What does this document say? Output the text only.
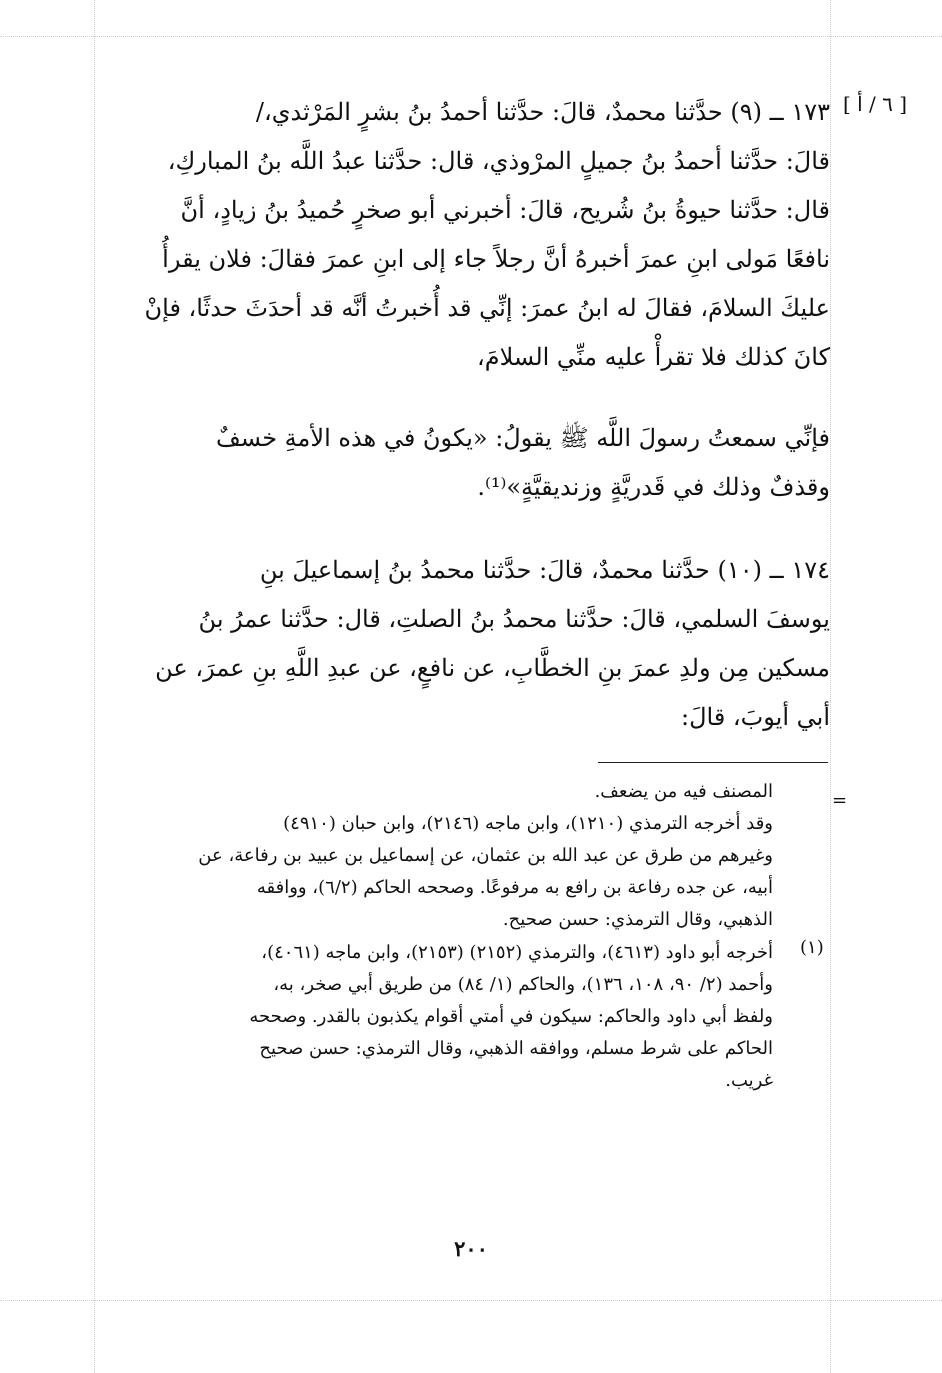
[ ٦ / أ ]

١٧٣ ــ (٩) حدَّثنا محمدٌ، قالَ: حدَّثنا أحمدُ بنُ بشرٍ المَرْثدي،/

قالَ: حدَّثنا أحمدُ بنُ جميلٍ المرْوذي، قال: حدَّثنا عبدُ اللَّه بنُ المباركِ،

قال: حدَّثنا حيوةُ بنُ شُريح، قالَ: أخبرني أبو صخرٍ حُميدُ بنُ زيادٍ، أنَّ

نافعًا مَولى ابنِ عمرَ أخبرهُ أنَّ رجلاً جاء إلى ابنِ عمرَ فقالَ: فلان يقرأُ

عليكَ السلامَ، فقالَ له ابنُ عمرَ: إنِّي قد أُخبرتُ أنَّه قد أحدَثَ حدثًا، فإنْ

كانَ كذلك فلا تقرأْ عليه منِّي السلامَ،

فإنِّي سمعتُ رسولَ اللَّه ﷺ يقولُ: «يكونُ في هذه الأمةِ خسفٌ

وقذفٌ وذلك في قَدريَّةٍ وزنديقيَّةٍ»⁽¹⁾.

١٧٤ ــ (١٠) حدَّثنا محمدٌ، قالَ: حدَّثنا محمدُ بنُ إسماعيلَ بنِ

يوسفَ السلمي، قالَ: حدَّثنا محمدُ بنُ الصلتِ، قال: حدَّثنا عمرُ بنُ

مسكين مِن ولدِ عمرَ بنِ الخطَّابِ، عن نافعٍ، عن عبدِ اللَّهِ بنِ عمرَ، عن

أبي أيوبَ، قالَ:

=
المصنف فيه من يضعف.
وقد أخرجه الترمذي (١٢١٠)، وابن ماجه (٢١٤٦)، وابن حبان (٤٩١٠)
وغيرهم من طرق عن عبد الله بن عثمان، عن إسماعيل بن عبيد بن رفاعة، عن
أبيه، عن جده رفاعة بن رافع به مرفوعًا. وصححه الحاكم (٦/٢)، ووافقه
الذهبي، وقال الترمذي: حسن صحيح.
(١)
أخرجه أبو داود (٤٦١٣)، والترمذي (٢١٥٢) (٢١٥٣)، وابن ماجه (٤٠٦١)،
وأحمد (٢/ ٩٠، ١٠٨، ١٣٦)، والحاكم (١/ ٨٤) من طريق أبي صخر، به،
ولفظ أبي داود والحاكم: سيكون في أمتي أقوام يكذبون بالقدر. وصححه
الحاكم على شرط مسلم، ووافقه الذهبي، وقال الترمذي: حسن صحيح
غريب.
٢٠٠
